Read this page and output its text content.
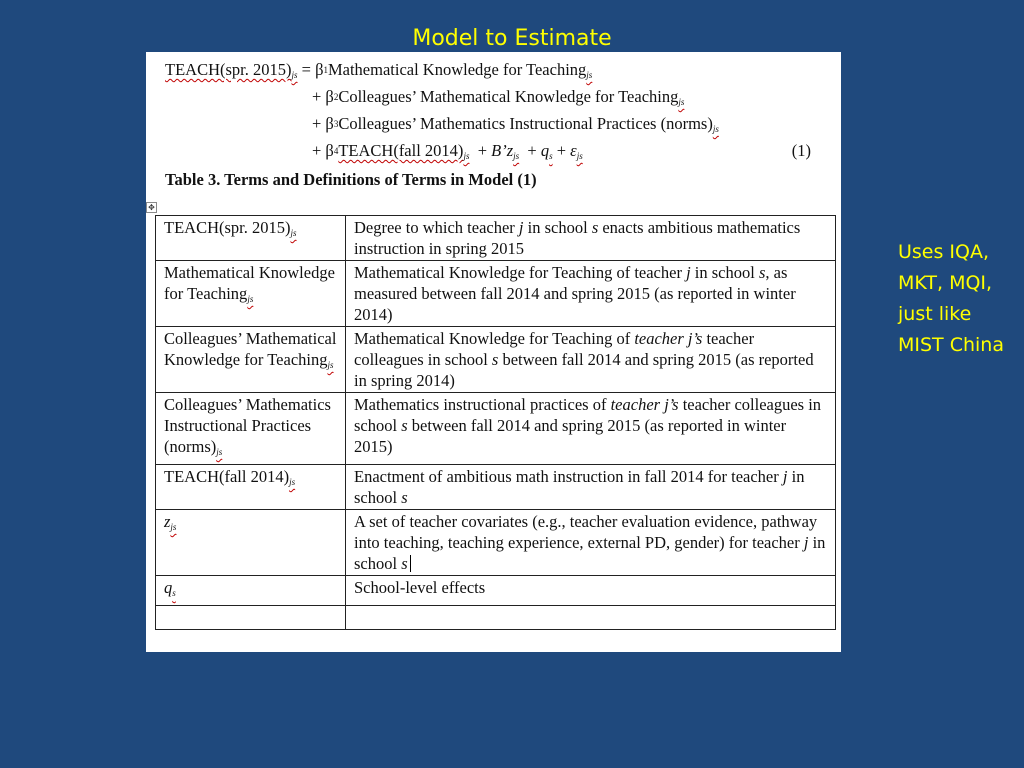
Model to Estimate
TEACH(spr. $2015)_{js}$ = β1Mathematical Knowledge for Teaching$_{js}$
+ β2Colleagues’ Mathematical Knowledge for Teaching$_{js}$
+ β3Colleagues’ Mathematics Instructional Practices $(norms)_{js}$
+ β4TEACH(fall $2014)_{js}$  + $B’z_{js} + q_s + \varepsilon_{js}$	(1)
Table 3. Terms and Definitions of Terms in Model (1)
✥
TEACH(spr. $2015)_{js}$	Degree to which teacher j in school s enacts ambitious mathematics instruction in spring 2015
Mathematical Knowledge for Teaching$_{js}$	Mathematical Knowledge for Teaching of teacher j in school s, as measured between fall 2014 and spring 2015 (as reported in winter 2014)
Colleagues’ Mathematical Knowledge for Teaching$_{js}$	Mathematical Knowledge for Teaching of teacher j’s teacher colleagues in school s between fall 2014 and spring 2015 (as reported in spring 2014)
Colleagues’ Mathematics Instructional Practices $(norms)_{js}$	Mathematics instructional practices of teacher j’s teacher colleagues in school s between fall 2014 and spring 2015 (as reported in winter 2015)
TEACH(fall $2014)_{js}$	Enactment of ambitious math instruction in fall 2014 for teacher j in school s
$z_{js}$	A set of teacher covariates (e.g., teacher evaluation evidence, pathway into teaching, teaching experience, external PD, gender) for teacher j in school s
$q_s$	School-level effects

Uses IQA, MKT, MQI, just like MIST China
